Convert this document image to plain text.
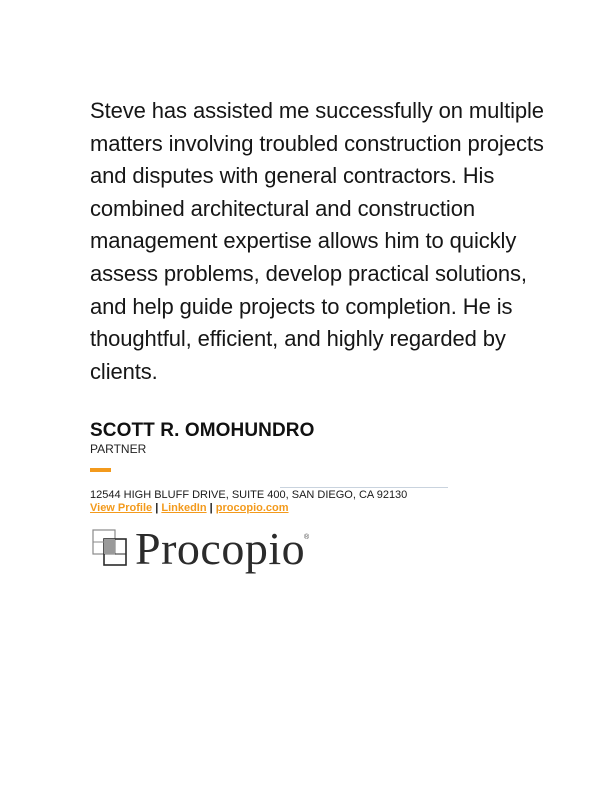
Steve has assisted me successfully on multiple
matters involving troubled construction projects
and disputes with general contractors. His
combined architectural and construction
management expertise allows him to quickly
assess problems, develop practical solutions,
and help guide projects to completion. He is
thoughtful, efficient, and highly regarded by
clients.

SCOTT R. OMOHUNDRO
PARTNER
12544 HIGH BLUFF DRIVE, SUITE 400, SAN DIEGO, CA 92130
View Profile | LinkedIn | procopio.com
Procopio
®
